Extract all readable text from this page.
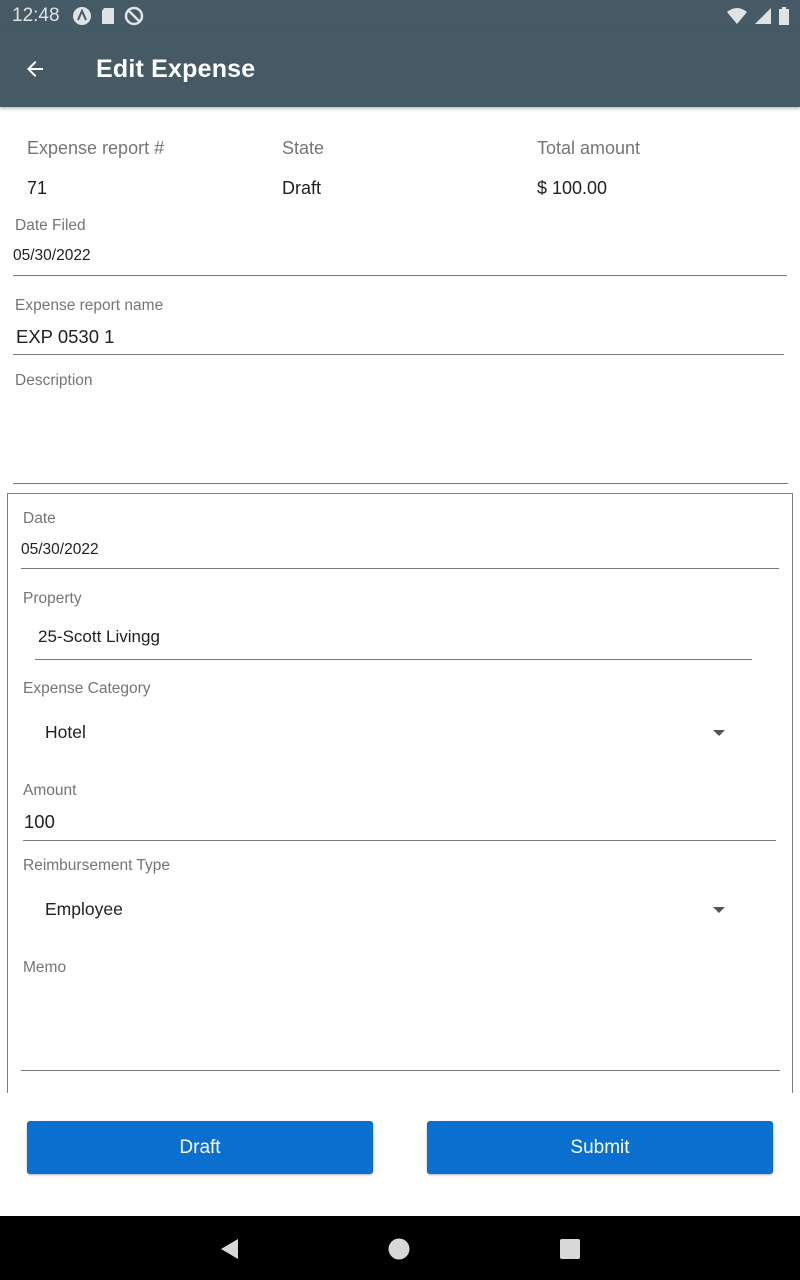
12:48
Edit Expense
Expense report #	State	Total amount
71	Draft	$ 100.00
Date Filed
05/30/2022
Expense report name
EXP 0530 1
Description
Date
05/30/2022
Property
25-Scott Livingg
Expense Category
Hotel
Amount
100
Reimbursement Type
Employee
Memo
Draft	Submit
